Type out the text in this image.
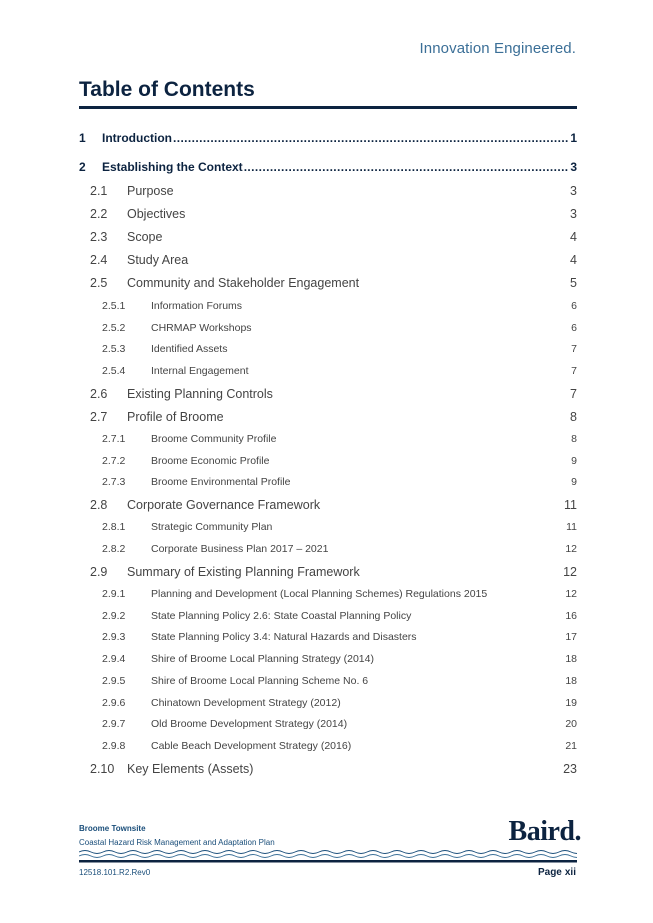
Innovation Engineered.
Table of Contents
1	Introduction .....	1
2	Establishing the Context .....	3
2.1	Purpose	3
2.2	Objectives	3
2.3	Scope	4
2.4	Study Area	4
2.5	Community and Stakeholder Engagement	5
2.5.1	Information Forums	6
2.5.2	CHRMAP Workshops	6
2.5.3	Identified Assets	7
2.5.4	Internal Engagement	7
2.6	Existing Planning Controls	7
2.7	Profile of Broome	8
2.7.1	Broome Community Profile	8
2.7.2	Broome Economic Profile	9
2.7.3	Broome Environmental Profile	9
2.8	Corporate Governance Framework	11
2.8.1	Strategic Community Plan	11
2.8.2	Corporate Business Plan 2017 – 2021	12
2.9	Summary of Existing Planning Framework	12
2.9.1	Planning and Development (Local Planning Schemes) Regulations 2015	12
2.9.2	State Planning Policy 2.6: State Coastal Planning Policy	16
2.9.3	State Planning Policy 3.4: Natural Hazards and Disasters	17
2.9.4	Shire of Broome Local Planning Strategy (2014)	18
2.9.5	Shire of Broome Local Planning Scheme No. 6	18
2.9.6	Chinatown Development Strategy (2012)	19
2.9.7	Old Broome Development Strategy (2014)	20
2.9.8	Cable Beach Development Strategy (2016)	21
2.10	Key Elements (Assets)	23
Broome Townsite
Coastal Hazard Risk Management and Adaptation Plan	Baird.
12518.101.R2.Rev0	Page xii
